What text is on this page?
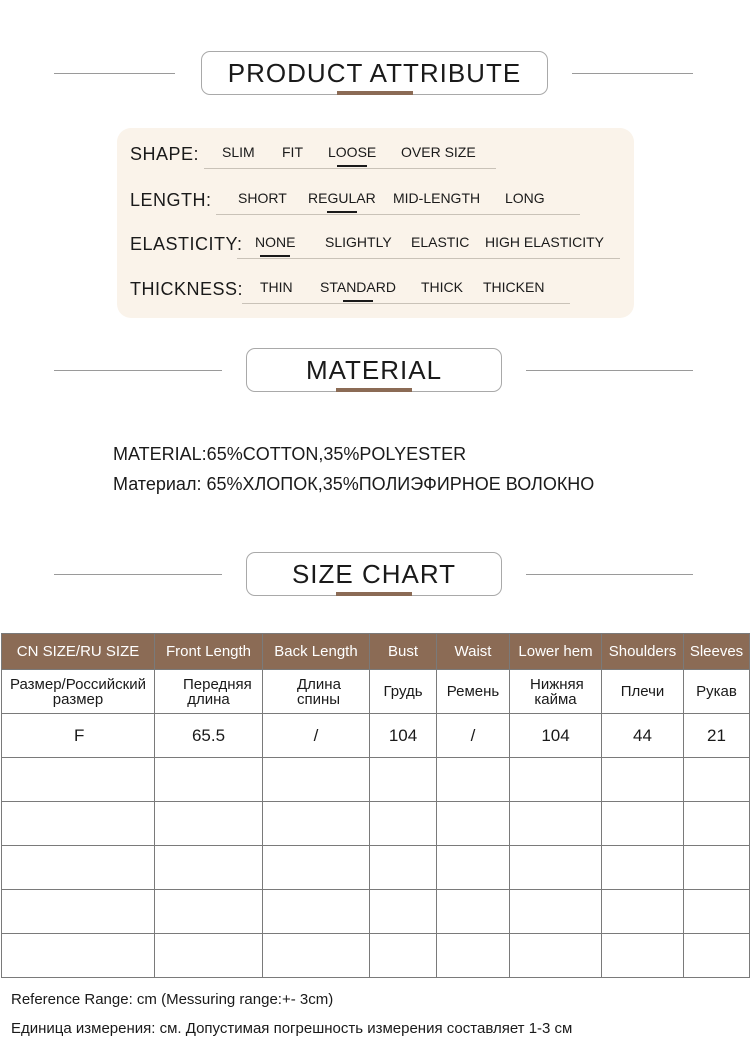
PRODUCT ATTRIBUTE
SHAPE: SLIM FIT LOOSE OVER SIZE
LENGTH: SHORT REGULAR MID-LENGTH LONG
ELASTICITY: NONE SLIGHTLY ELASTIC HIGH ELASTICITY
THICKNESS: THIN STANDARD THICK THICKEN
MATERIAL
MATERIAL:65%COTTON,35%POLYESTER
Материал: 65%ХЛОПОК,35%ПОЛИЭФИРНОЕ ВОЛОКНО
SIZE CHART
CN SIZE/RU SIZE	Front Length	Back Length	Bust	Waist	Lower hem	Shoulders	Sleeves
Размер/Российский размер	Передняя длина	Длина спины	Грудь	Ремень	Нижняя кайма	Плечи	Рукав
F	65.5	/	104	/	104	44	21

Reference Range: cm (Messuring range:+- 3cm)
Единица измерения: см. Допустимая погрешность измерения составляет 1-3 см
